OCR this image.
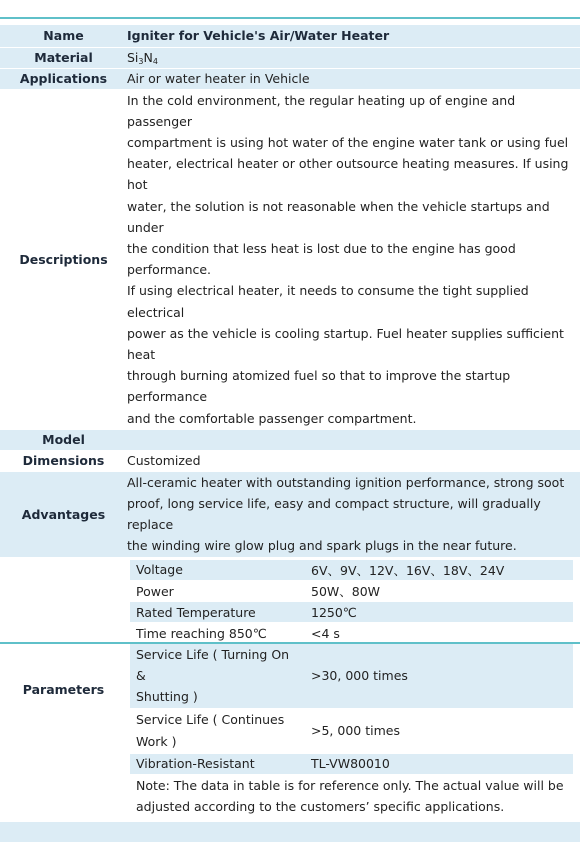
Name	Igniter for Vehicle's Air/Water Heater
Material	Si3N4
Applications	Air or water heater in Vehicle
Descriptions	
In the cold environment, the regular heating up of engine and passenger
compartment is using hot water of the engine water tank or using fuel
heater, electrical heater or other outsource heating measures. If using hot
water, the solution is not reasonable when the vehicle startups and under
the condition that less heat is lost due to the engine has good performance.
If using electrical heater, it needs to consume the tight supplied electrical
power as the vehicle is cooling startup. Fuel heater supplies sufficient heat
through burning atomized fuel so that to improve the startup performance
and the comfortable passenger compartment.

Model	
Dimensions	Customized
Advantages	
All-ceramic heater with outstanding ignition performance, strong soot
proof, long service life, easy and compact structure, will gradually replace
the winding wire glow plug and spark plugs in the near future.

Parameters	
Voltage	6V、9V、12V、16V、18V、24V
Power	50W、80W
Rated Temperature	1250℃
Time reaching 850℃	<4 s

Service Life ( Turning On &
Shutting )
	>30, 000 times

Service Life ( Continues
Work )
	>5, 000 times
Vibration-Resistant	TL-VW80010

Note: The data in table is for reference only. The actual value will be
adjusted according to the customers’ specific applications.
